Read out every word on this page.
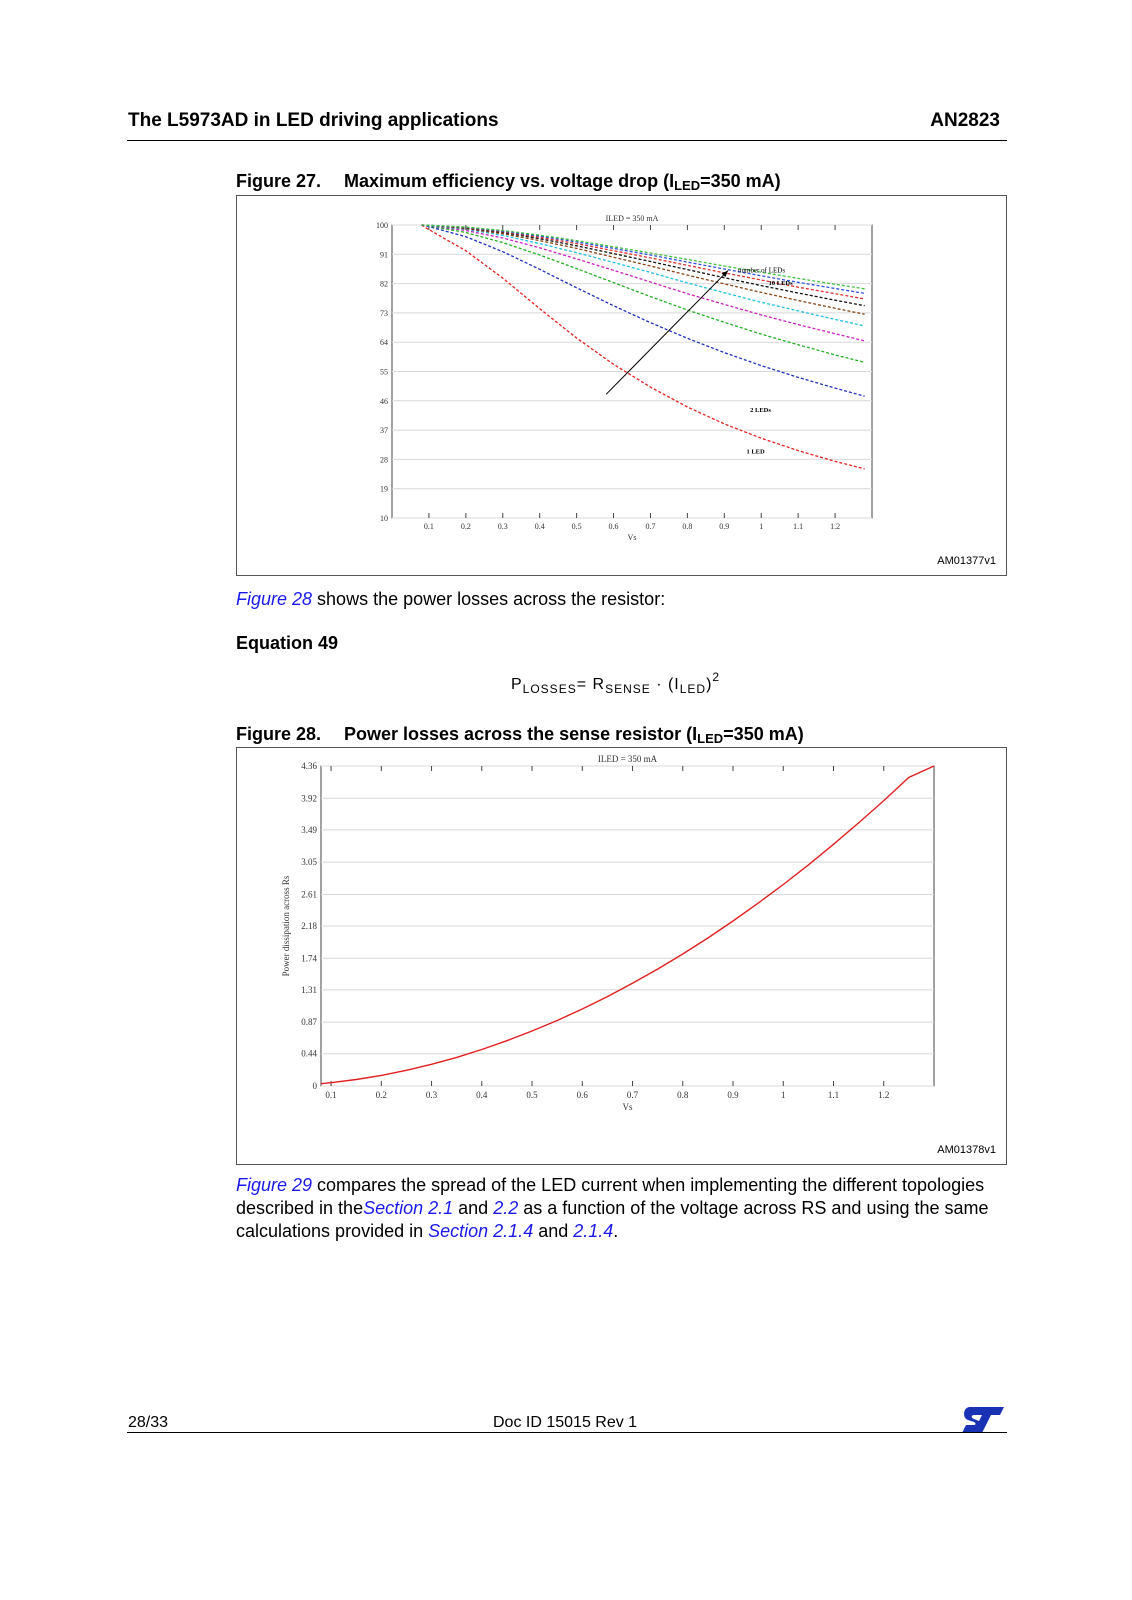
The L5973AD in LED driving applications	AN2823
Figure 27. Maximum efficiency vs. voltage drop ($I_{LED}=350$ mA)
100
91
82
73
64
55
46
37
28
19
10
0.1	0.2	0.3	0.4	0.5	0.6	0.7	0.8	0.9	1	1.1	1.2
ILED = 350 mA
Vs
number of LEDs
10 LEDs
2 LEDs
1 LED
AM01377v1
Figure 28 shows the power losses across the resistor:
Equation 49
$P_{LOSSES}= R_{SENSE} \cdot (I_{LED})^2$
Figure 28. Power losses across the sense resistor ($I_{LED}=350$ mA)
4.36
3.92
3.49
3.05
2.61
2.18
1.74
1.31
0.87
0.44
0
0.1	0.2	0.3	0.4	0.5	0.6	0.7	0.8	0.9	1	1.1	1.2
ILED = 350 mA
Vs
Power dissipation across Rs
AM01378v1
Figure 29 compares the spread of the LED current when implementing the different topologies described in theSection 2.1 and 2.2 as a function of the voltage across RS and using the same calculations provided in Section 2.1.4 and 2.1.4.
28/33	Doc ID 15015 Rev 1
